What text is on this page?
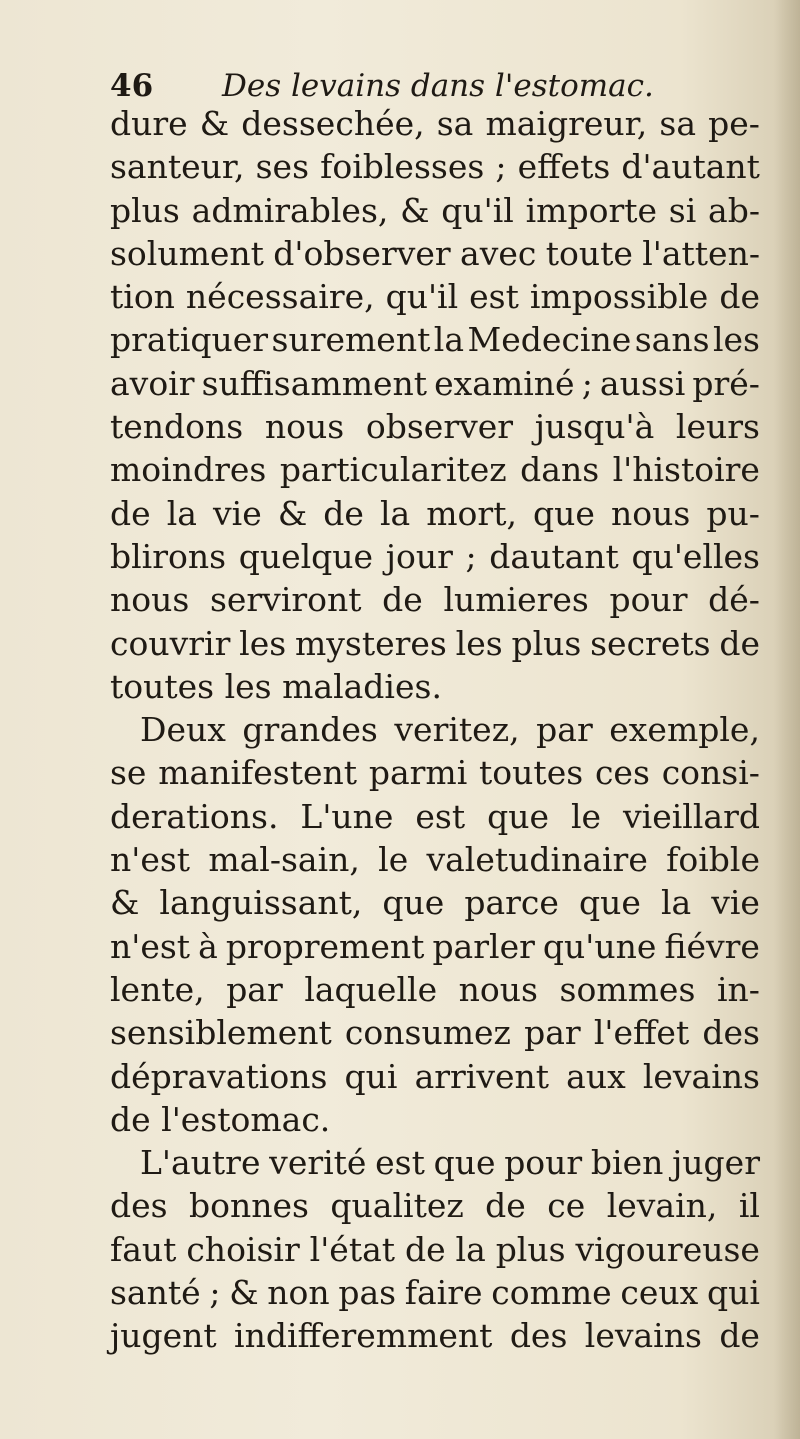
46 Des levains dans l'estomac.
dure & dessechée, sa maigreur, sa pe-
santeur, ses foiblesses ; effets d'autant
plus admirables, & qu'il importe si ab-
solument d'observer avec toute l'atten-
tion nécessaire, qu'il est impossible de
pratiquer surement la Medecine sans les
avoir suffisamment examiné ; aussi pré-
tendons nous observer jusqu'à leurs
moindres particularitez dans l'histoire
de la vie & de la mort, que nous pu-
blirons quelque jour ; dautant qu'elles
nous serviront de lumieres pour dé-
couvrir les mysteres les plus secrets de
toutes les maladies.
Deux grandes veritez, par exemple,
se manifestent parmi toutes ces consi-
derations. L'une est que le vieillard
n'est mal-sain, le valetudinaire foible
& languissant, que parce que la vie
n'est à proprement parler qu'une fiévre
lente, par laquelle nous sommes in-
sensiblement consumez par l'effet des
dépravations qui arrivent aux levains
de l'estomac.
L'autre verité est que pour bien juger
des bonnes qualitez de ce levain, il
faut choisir l'état de la plus vigoureuse
santé ; & non pas faire comme ceux qui
jugent indifferemment des levains de
